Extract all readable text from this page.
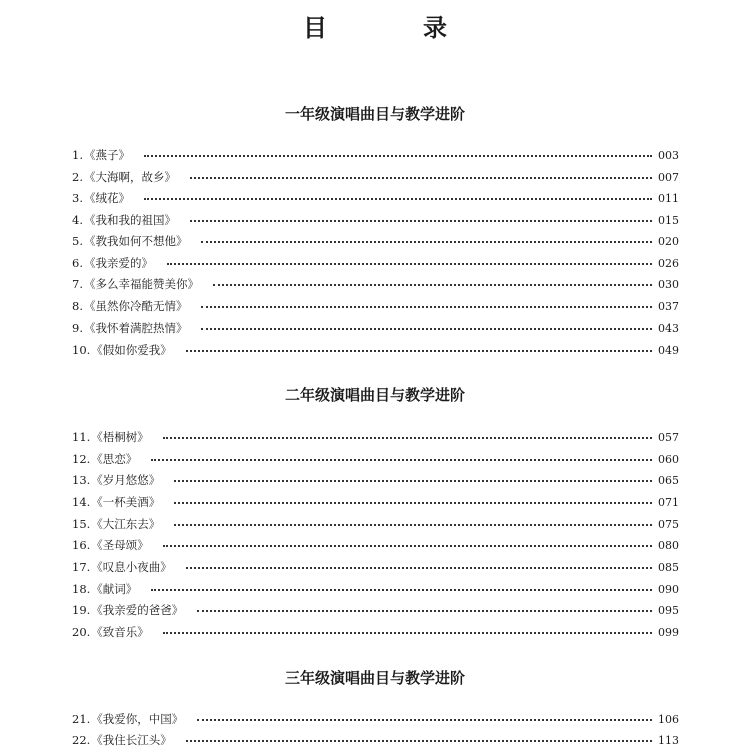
目　录
一年级演唱曲目与教学进阶
1. 《燕子》	003
2. 《大海啊，故乡》	007
3. 《绒花》	011
4. 《我和我的祖国》	015
5. 《教我如何不想他》	020
6. 《我亲爱的》	026
7. 《多么幸福能赞美你》	030
8. 《虽然你冷酷无情》	037
9. 《我怀着满腔热情》	043
10. 《假如你爱我》	049
二年级演唱曲目与教学进阶
11. 《梧桐树》	057
12. 《思恋》	060
13. 《岁月悠悠》	065
14. 《一杯美酒》	071
15. 《大江东去》	075
16. 《圣母颂》	080
17. 《叹息小夜曲》	085
18. 《献词》	090
19. 《我亲爱的爸爸》	095
20. 《致音乐》	099
三年级演唱曲目与教学进阶
21. 《我爱你，中国》	106
22. 《我住长江头》	113
